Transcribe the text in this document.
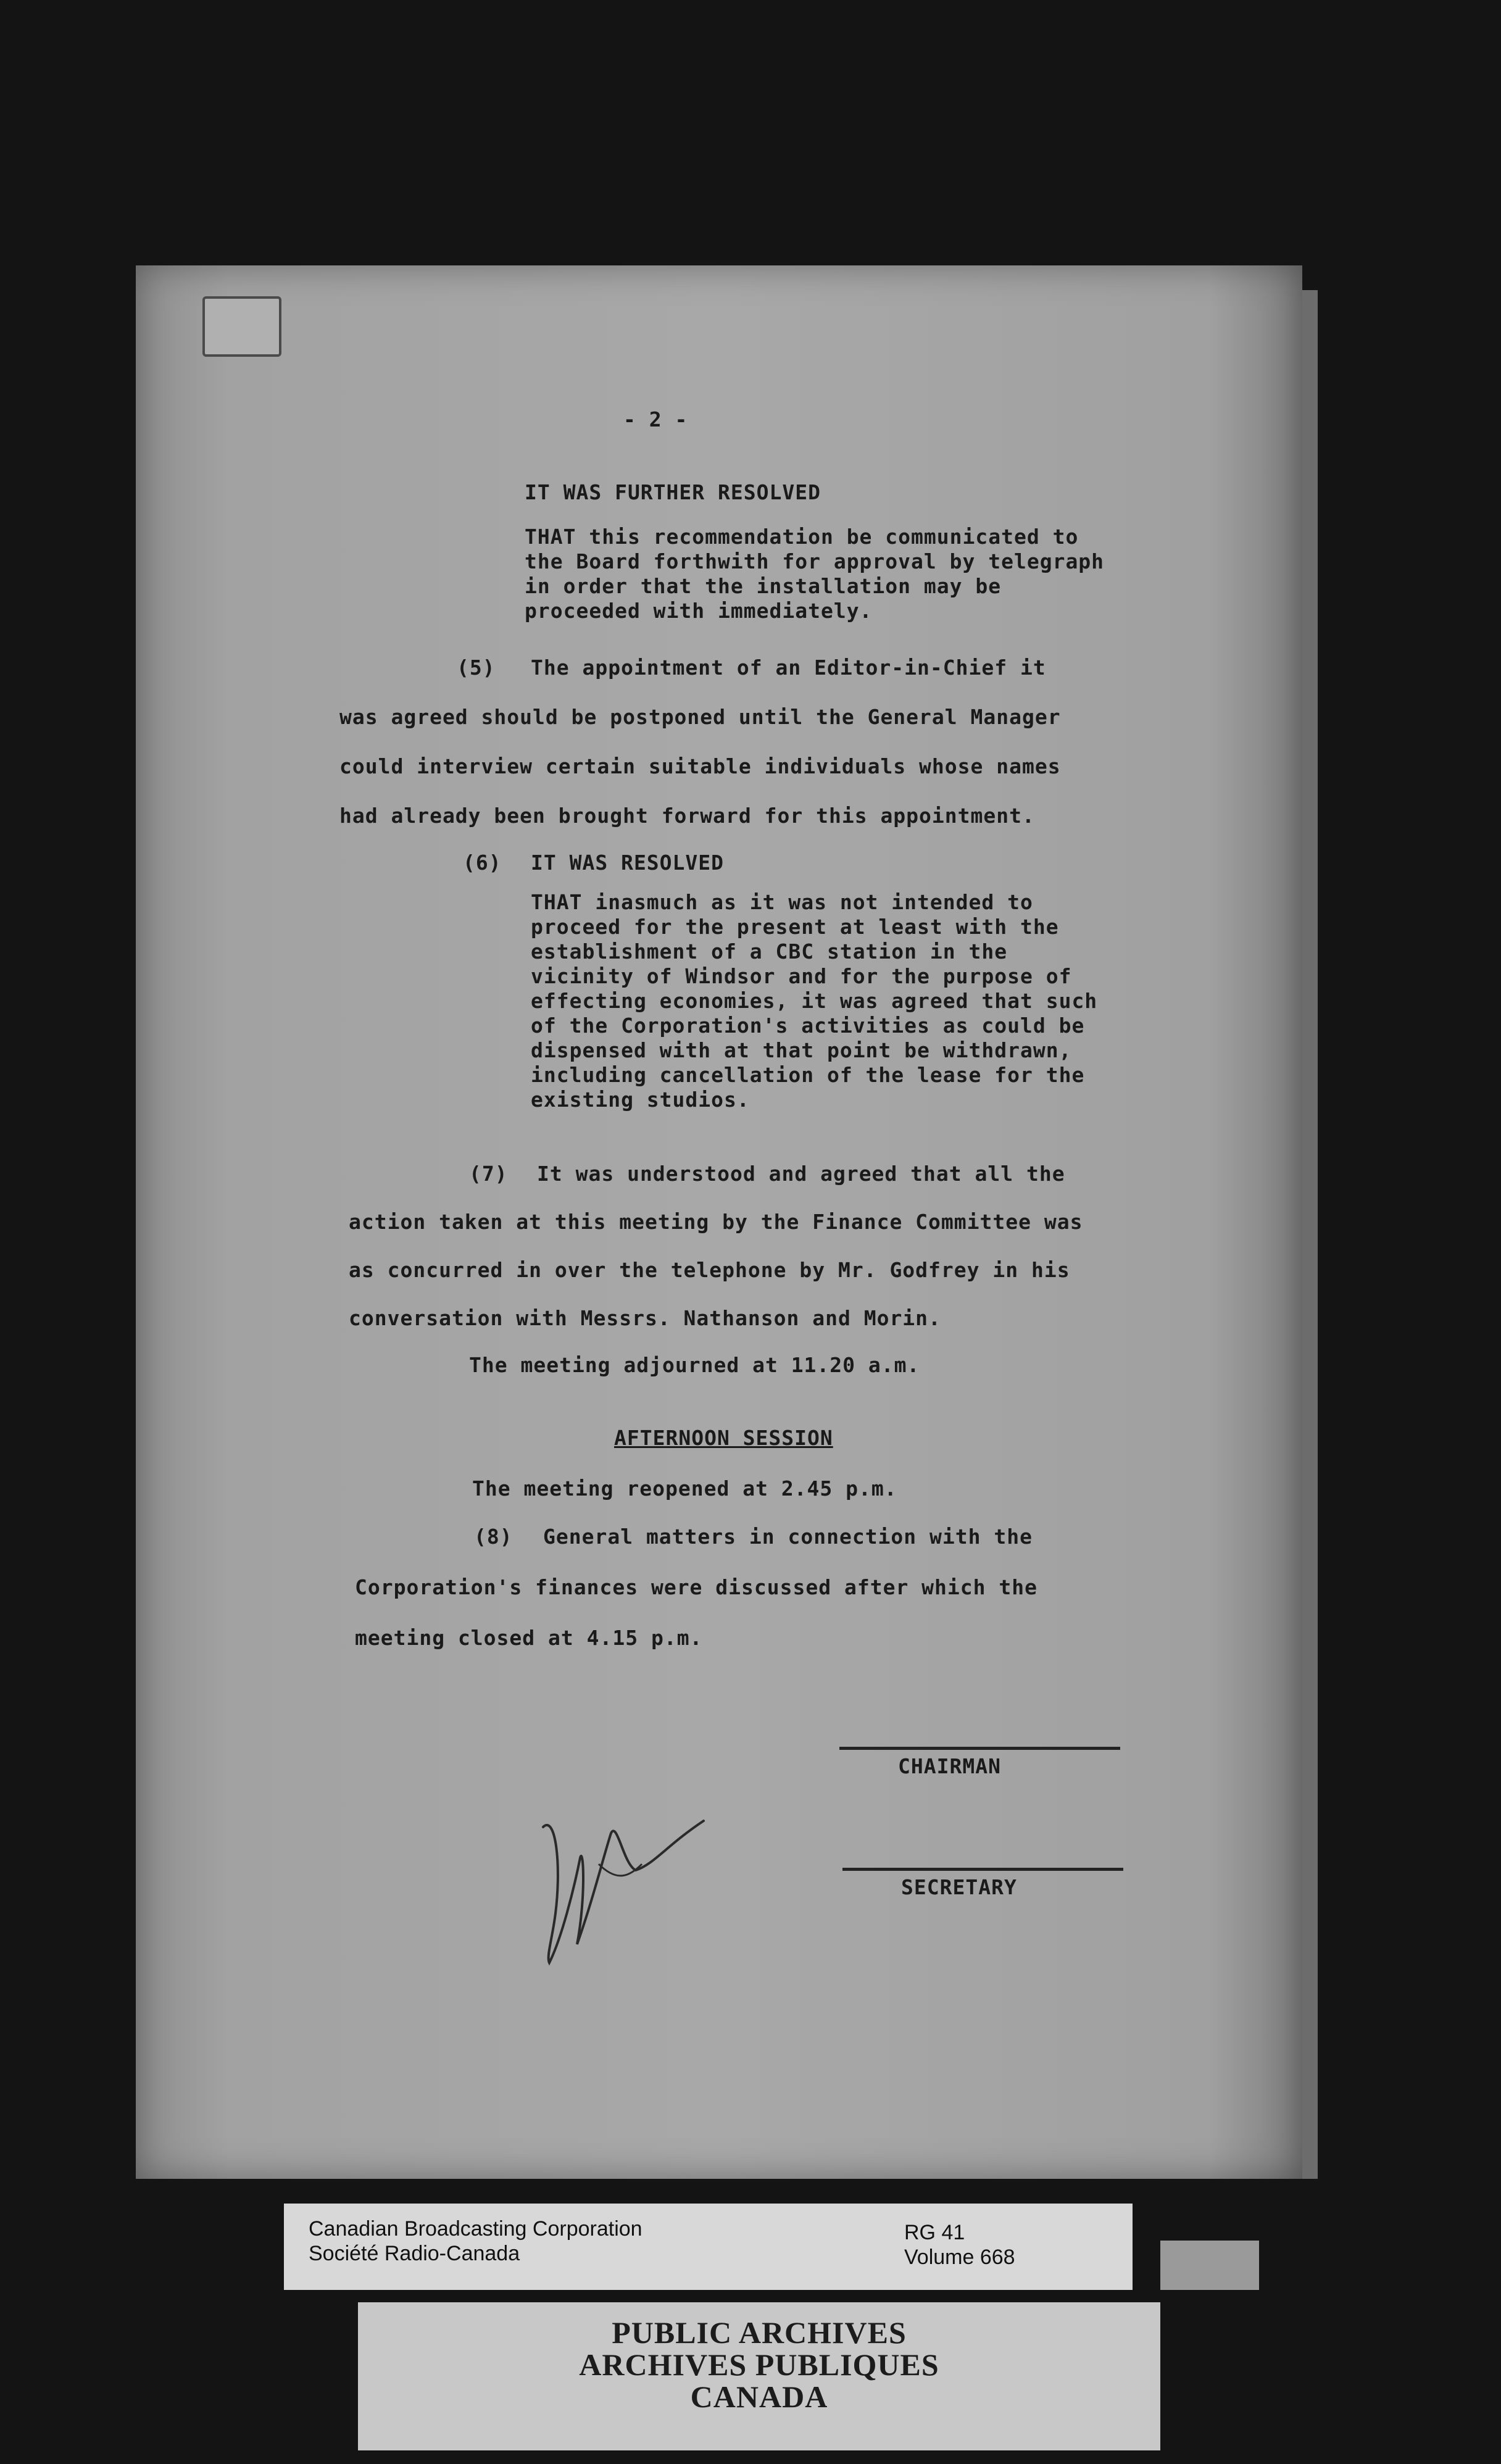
- 2 -
IT WAS FURTHER RESOLVED
THAT this recommendation be communicated to the Board forthwith for approval by telegraph in order that the installation may be proceeded with immediately.
(5) The appointment of an Editor-in-Chief it
was agreed should be postponed until the General Manager
could interview certain suitable individuals whose names
had already been brought forward for this appointment.
(6) IT WAS RESOLVED
THAT inasmuch as it was not intended to proceed for the present at least with the establishment of a CBC station in the vicinity of Windsor and for the purpose of effecting economies, it was agreed that such of the Corporation's activities as could be dispensed with at that point be withdrawn, including cancellation of the lease for the existing studios.
(7) It was understood and agreed that all the
action taken at this meeting by the Finance Committee was
as concurred in over the telephone by Mr. Godfrey in his
conversation with Messrs. Nathanson and Morin.
The meeting adjourned at 11.20 a.m.
AFTERNOON SESSION
The meeting reopened at 2.45 p.m.
(8) General matters in connection with the
Corporation's finances were discussed after which the
meeting closed at 4.15 p.m.
CHAIRMAN
SECRETARY
Canadian Broadcasting Corporation
Société Radio-Canada
RG 41
Volume 668
PUBLIC ARCHIVES
ARCHIVES PUBLIQUES
CANADA
